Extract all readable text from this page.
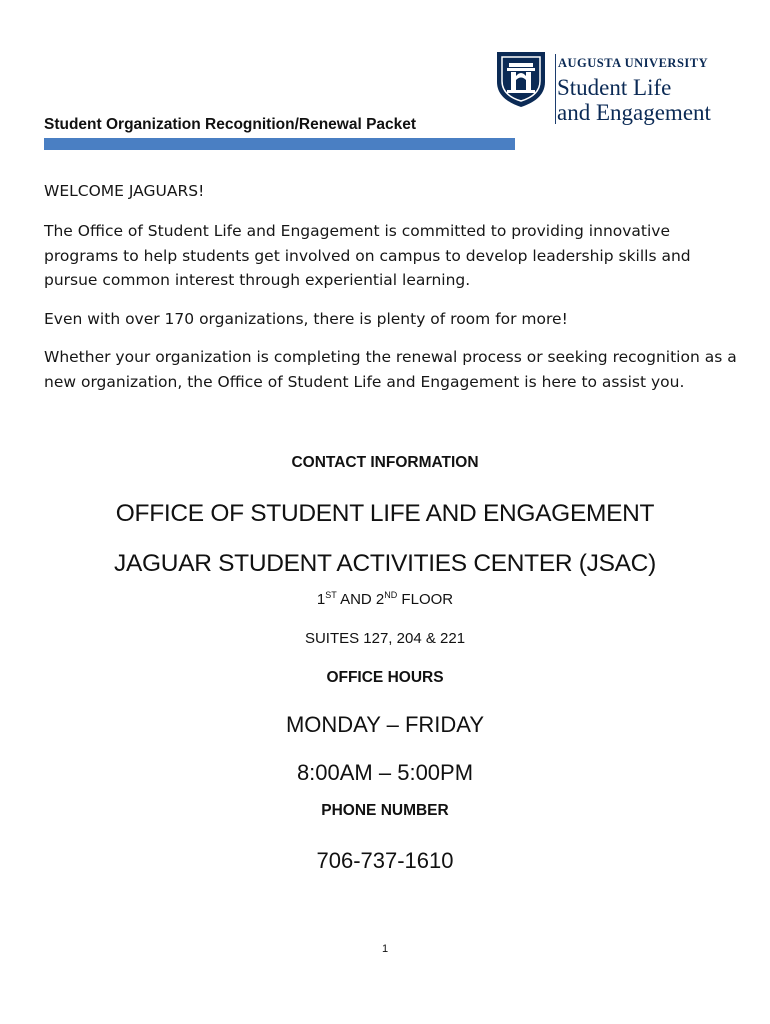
AUGUSTA UNIVERSITY
Student Life
and Engagement
Student Organization Recognition/Renewal Packet

WELCOME JAGUARS!

The Office of Student Life and Engagement is committed to providing innovative programs to help students get involved on campus to develop leadership skills and pursue common interest through experiential learning.

Even with over 170 organizations, there is plenty of room for more!

Whether your organization is completing the renewal process or seeking recognition as a new organization, the Office of Student Life and Engagement is here to assist you.

CONTACT INFORMATION
OFFICE OF STUDENT LIFE AND ENGAGEMENT
JAGUAR STUDENT ACTIVITIES CENTER (JSAC)
1ST AND 2ND FLOOR
SUITES 127, 204 & 221
OFFICE HOURS
MONDAY – FRIDAY
8:00AM – 5:00PM
PHONE NUMBER
706-737-1610
1
